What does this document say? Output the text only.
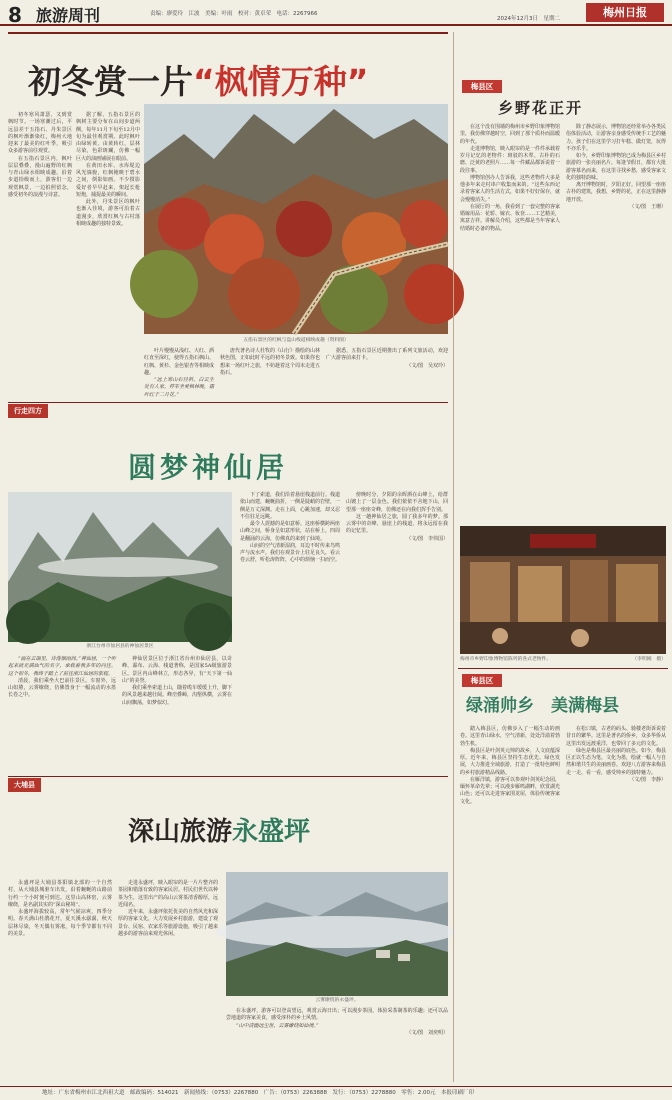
8 旅游周刊	责编：廖爱玲　江波　美编：叶雨　校对：黄卓荣　电话：2267966	梅州日报
2024年12月3日　星期二
初冬赏一片“枫情万种”

初冬寒风萧瑟，又到赏枫时节。一场寒潮过后，平远县差干五指石、丹朱景区的枫叶渐渐染红，梅州大地迎来了最美的红叶季，吸引众多游客前往观赏。

在五指石景区内，枫叶层层叠叠，漫山遍野的红枫与青山绿水相映成趣。沿着步道拾级而上，游客们一边观赏枫景，一边拍照留念，感受初冬的浪漫与诗意。

据了解，五指石景区的枫树主要分布在山间步道两侧，每年11月下旬至12月中旬为最佳观赏期。此时枫叶由绿转黄、由黄转红，层林尽染，色彩斑斓，仿佛一幅巨大的油画铺展在眼前。

在黄田水库、水库堤边风光旖旎，红枫掩映于碧水之间，倒影如画。不少摄影爱好者早早赶来，架起长枪短炮，捕捉最美的瞬间。

此外，丹朱景区的枫叶也渐入佳境，游客可沿着古道漫步，欣赏红枫与古村落相映成趣的独特景致。

五指石景区的红枫与盘山栈道相映成趣（资料图）

叶片慢慢从浅红、大红、酒红直至深红，使得五指石枫山、红枫、黄杉、金色银杏等相映成趣。

“远上寒山石径斜，白云生处有人家。停车坐爱枫林晚，霜叶红于二月花。”

唐代著名诗人杜牧的《山行》描绘的山林秋色图，正如此时平远的初冬景致。如果你也想来一场红叶之旅，不妨趁着这个周末走进五指石。

据悉，五指石景区近期推出了系列文旅活动，欢迎广大游客前来打卡。

（文/图　吴双玲）
行走四方
圆梦神仙居
浙江台州市仙居县的神仙居景区

“画在云端里，诗落烟雨间。”神仙居，一个听起来就充满仙气的名字，承载着我多年的向往。这个初冬，我终于踏上了前往浙江仙居的旅程。

清晨，我们乘坐大巴前往景区。车窗外，远山如黛，云雾缭绕，仿佛置身于一幅流动的水墨长卷之中。

神仙居景区位于浙江省台州市仙居县，以奇峰、瀑布、云海、栈道著称，是国家5A级旅游景区。景区内山峰林立，形态各异，有“天下第一仙山”的美誉。

我们乘坐索道上山，随着缆车缓缓上升，脚下的风景越来越壮阔。峰峦叠嶂，沟壑纵横，云雾在山间飘荡，如梦似幻。

下了索道，我们沿着悬崖栈道前行。栈道依山而建，蜿蜒曲折，一侧是陡峭的岩壁，一侧是万丈深渊。走在上面，心跳加速，却又忍不住驻足远眺。

最令人震撼的是如意桥。这座桥横跨两座山峰之间，桥身呈如意形状，站在桥上，四周是翻涌的云海，仿佛真的来到了仙境。

山间的空气清新湿润，耳边不时传来鸟鸣声与流水声。我们在观景台上驻足良久，看云卷云舒，听松涛阵阵，心中的烦恼一扫而空。

傍晚时分，夕阳的余晖洒在山峰上，给群山镀上了一层金色。我们依依不舍地下山，回望那一座座奇峰，仿佛还在向我们挥手告别。

这一趟神仙居之旅，圆了我多年的梦。那云雾中的奇峰、悬崖上的栈道，将永远留在我的记忆里。

（文/图　李伟国）
大埔县
深山旅游永盛坪

永盛坪是大埔县茶阳镇北部的一个自然村，从大埔县城驱车出发，沿着蜿蜒的山路前行约一个小时便可到达。这里山高林密，云雾缭绕，是名副其实的“深山秘境”。

永盛坪海拔较高，常年气候凉爽，四季分明。春天满山杜鹃花开，夏天溪水潺潺，秋天层林尽染，冬天偶有雾凇，每个季节都有不同的美景。

走进永盛坪，映入眼帘的是一片片整齐的茶园和错落有致的客家民居。村民们世代以种茶为生，这里出产的高山云雾茶清香醇厚，远近闻名。

近年来，永盛坪依托优美的自然风光和深厚的客家文化，大力发展乡村旅游，建设了观景台、民宿、农家乐等旅游设施，吸引了越来越多的游客前来观光休闲。

云雾缭绕的永盛坪。

在永盛坪，游客可以登高望远，观赏云海日出；可以漫步茶园，体验采茶制茶的乐趣；还可以品尝地道的客家美食，感受淳朴的乡土风情。

“山中清幽远尘世，云雾缭绕如仙境。”

（文/图　刘奕明）
梅县区
乡野花正开

在这个没有围墙的梅州市乡野印象博物馆里，我仿佛穿越时空，回到了那个质朴而温暖的年代。

走进博物馆，映入眼帘的是一件件承载着岁月记忆的老物件：斑驳的木犁、古朴的石磨、泛黄的老照片……每一件藏品都诉说着一段往事。

博物馆创办人告诉我，这些老物件大多是他多年来走村串户收集而来的。“这些东西记录着客家人的生活方式，如果不好好保存，就会慢慢消失。”

在展厅的一角，我看到了一套完整的客家婚嫁用品：花轿、嫁衣、妆奁……工艺精美，寓意吉祥。讲解员介绍，这些都是当年客家人结婚时必备的物品。

除了静态展示，博物馆还经常举办各类民俗体验活动，让游客亲身感受传统手工艺的魅力。孩子们在这里学习打年糕、做灯笼，玩得不亦乐乎。

如今，乡野印象博物馆已成为梅县区乡村旅游的一张亮丽名片。每逢节假日，都有大批游客慕名而来，在这里寻找乡愁，感受客家文化的独特韵味。

离开博物馆时，夕阳正好。回望那一座座古朴的建筑，我想，乡野的花，正在这里静静地开放。

（文/图　王珊）
梅州市乡野印象博物馆陈列的各式老物件。	（李明刚　摄）
梅县区
绿涌帅乡　美满梅县

踏入梅县区，仿佛步入了一幅生动的画卷。这里青山绿水，空气清新，处处洋溢着勃勃生机。

梅县区是叶剑英元帅的故乡，人文底蕴深厚。近年来，梅县区坚持生态优先、绿色发展，大力推进全域旅游，打造了一批特色鲜明的乡村旅游精品线路。

在雁洋镇，游客可以参观叶剑英纪念园，缅怀革命先辈；可以漫步雁鸣湖畔，欣赏湖光山色；还可以走进客家围龙屋，体验传统客家文化。

在松口镇，古老的码头、骑楼老街诉说着昔日的繁华。这里是著名的侨乡，众多华侨从这里出发远渡重洋，也带回了多元的文化。

绿色是梅县区最亮丽的底色。如今，梅县区正以生态为笔、文化为墨，绘就一幅人与自然和谐共生的美丽画卷。欢迎八方游客来梅县走一走、看一看，感受帅乡的独特魅力。

（文/图　李静）
地址：广东省梅州市江北西祖大道　邮政编码：514021　新闻热线：（0753）2267880　广告：（0753）2263888　发行：（0753）2278880　零售：2.00元　本报印刷厂印
